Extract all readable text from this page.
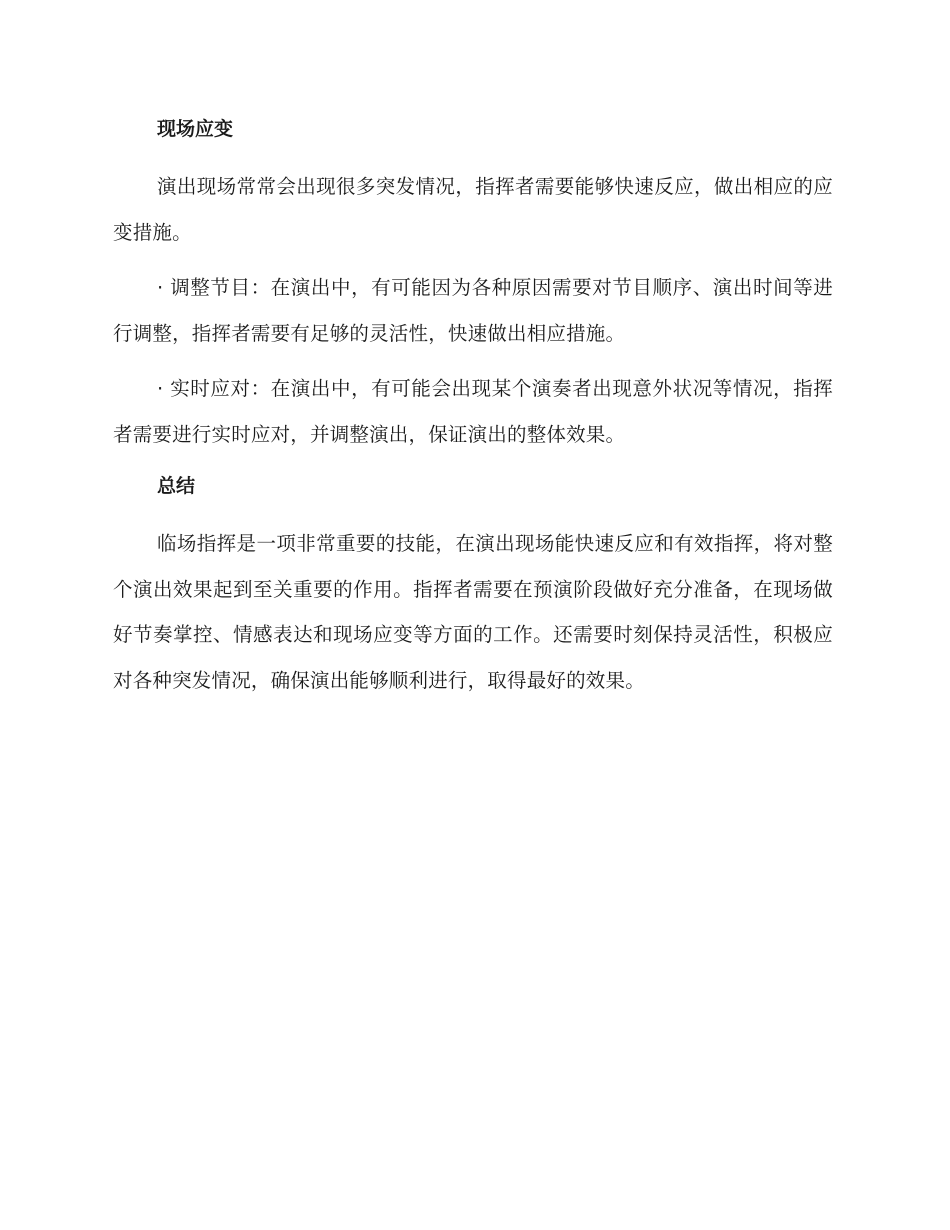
现场应变

演出现场常常会出现很多突发情况，指挥者需要能够快速反应，做出相应的应变措施。

· 调整节目：在演出中，有可能因为各种原因需要对节目顺序、演出时间等进行调整，指挥者需要有足够的灵活性，快速做出相应措施。

· 实时应对：在演出中，有可能会出现某个演奏者出现意外状况等情况，指挥者需要进行实时应对，并调整演出，保证演出的整体效果。

总结

临场指挥是一项非常重要的技能，在演出现场能快速反应和有效指挥，将对整个演出效果起到至关重要的作用。指挥者需要在预演阶段做好充分准备，在现场做好节奏掌控、情感表达和现场应变等方面的工作。还需要时刻保持灵活性，积极应对各种突发情况，确保演出能够顺利进行，取得最好的效果。
